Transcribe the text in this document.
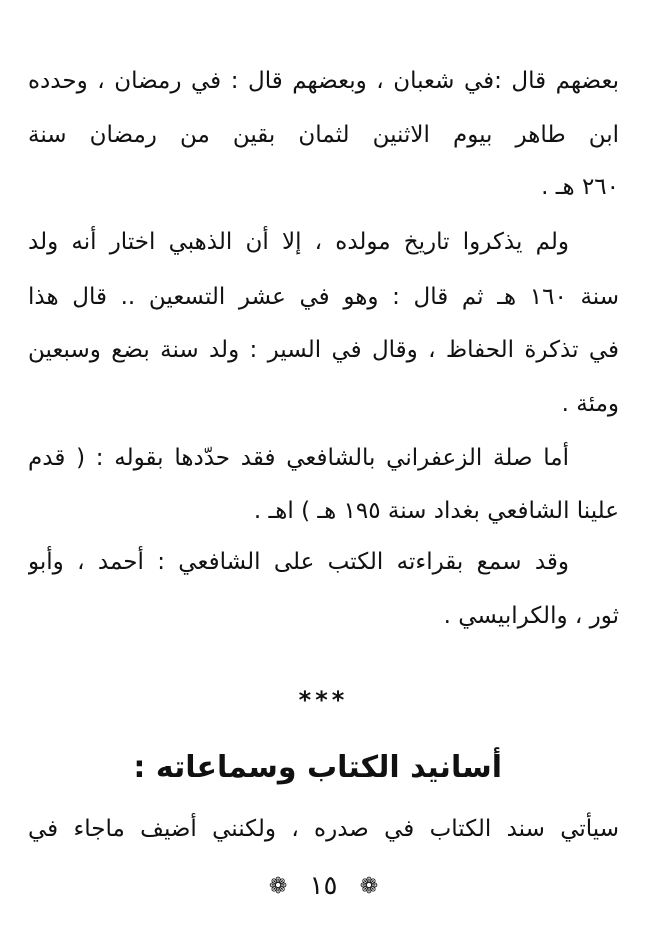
بعضهم قال :في شعبان ، وبعضهم قال : في رمضان ، وحدده
ابن طاهر بيوم الاثنين لثمان بقين من رمضان سنة
٢٦٠ هـ .
ولم يذكروا تاريخ مولده ، إلا أن الذهبي اختار أنه ولد
سنة ١٦٠ هـ ثم قال : وهو في عشر التسعين .. قال هذا
في تذكرة الحفاظ ، وقال في السير : ولد سنة بضع وسبعين
ومئة .
أما صلة الزعفراني بالشافعي فقد حدّدها بقوله : ( قدم
علينا الشافعي بغداد سنة ١٩٥ هـ ) اهـ .
وقد سمع بقراءته الكتب على الشافعي : أحمد ، وأبو
ثور ، والكرابيسي .
***
أسانيد الكتاب وسماعاته :
سيأتي سند الكتاب في صدره ، ولكنني أضيف ماجاء في
❁ ١٥ ❁
